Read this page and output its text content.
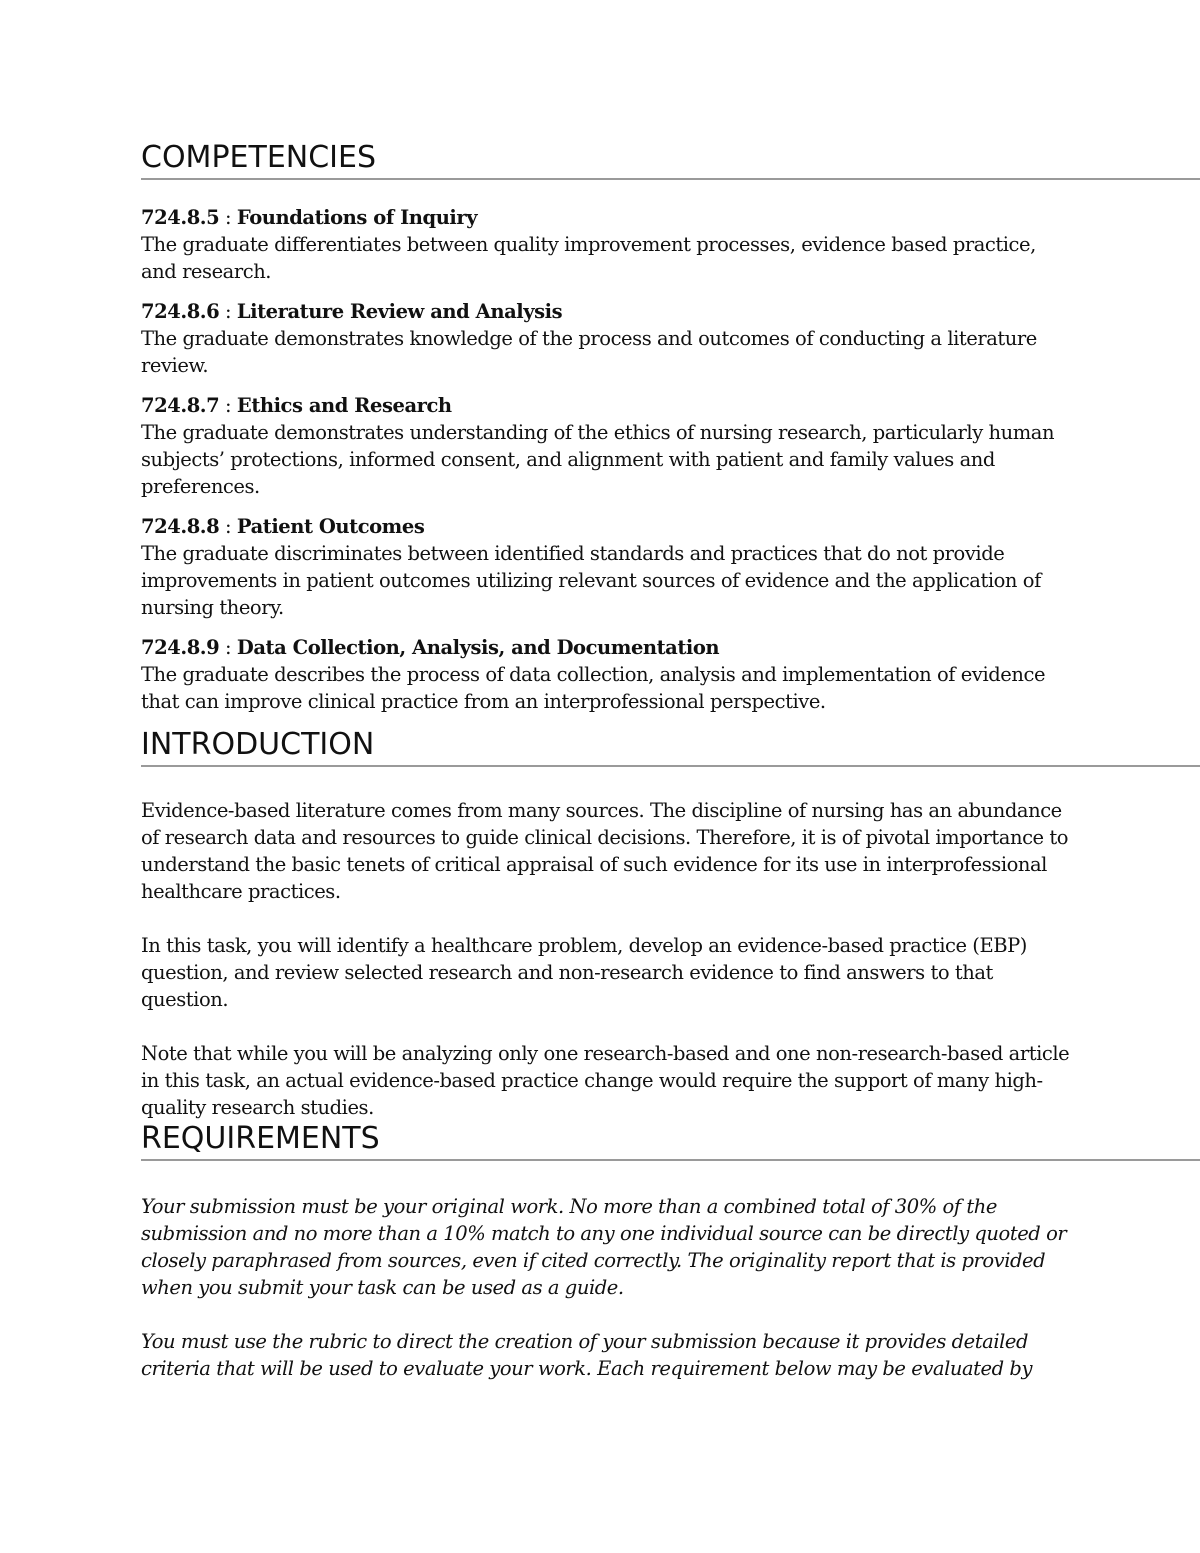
COMPETENCIES
724.8.5 : Foundations of Inquiry
The graduate differentiates between quality improvement processes, evidence based practice, and research.
724.8.6 : Literature Review and Analysis
The graduate demonstrates knowledge of the process and outcomes of conducting a literature review.
724.8.7 : Ethics and Research
The graduate demonstrates understanding of the ethics of nursing research, particularly human subjects’ protections, informed consent, and alignment with patient and family values and preferences.
724.8.8 : Patient Outcomes
The graduate discriminates between identified standards and practices that do not provide improvements in patient outcomes utilizing relevant sources of evidence and the application of nursing theory.
724.8.9 : Data Collection, Analysis, and Documentation
The graduate describes the process of data collection, analysis and implementation of evidence that can improve clinical practice from an interprofessional perspective.
INTRODUCTION

Evidence-based literature comes from many sources. The discipline of nursing has an abundance of research data and resources to guide clinical decisions. Therefore, it is of pivotal importance to understand the basic tenets of critical appraisal of such evidence for its use in interprofessional healthcare practices.

In this task, you will identify a healthcare problem, develop an evidence-based practice (EBP) question, and review selected research and non-research evidence to find answers to that question.

Note that while you will be analyzing only one research-based and one non-research-based article in this task, an actual evidence-based practice change would require the support of many high-quality research studies.

REQUIREMENTS

Your submission must be your original work. No more than a combined total of 30% of the submission and no more than a 10% match to any one individual source can be directly quoted or closely paraphrased from sources, even if cited correctly. The originality report that is provided when you submit your task can be used as a guide.

You must use the rubric to direct the creation of your submission because it provides detailed criteria that will be used to evaluate your work. Each requirement below may be evaluated by
